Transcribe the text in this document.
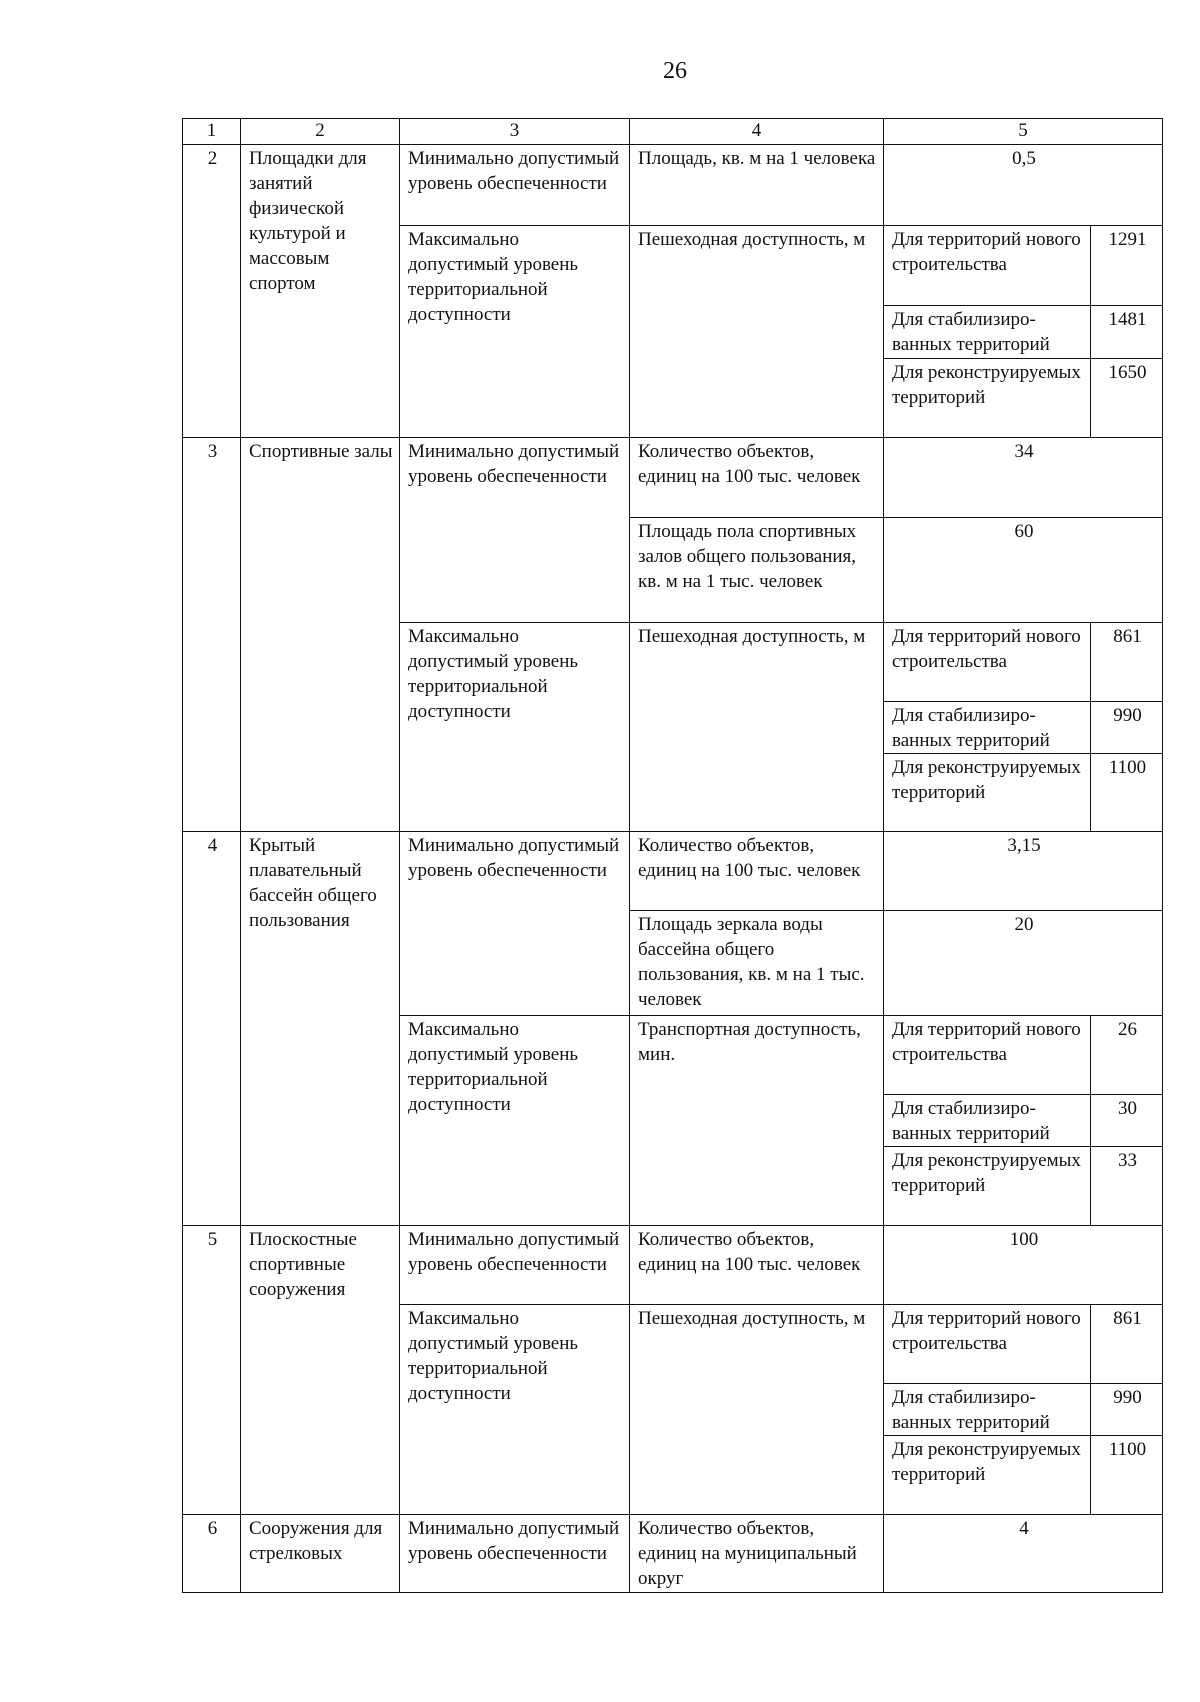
26
1	2	3	4	5	
2	Площадки для занятий физической культурой и массовым спортом	Минимально допустимый уровень обеспеченности	Площадь, кв. м на 1 человека	0,5	
		Максимально допустимый уровень территориальной доступности	Пешеходная доступность, м	Для территорий нового строительства	1291
				Для стабилизиро-ванных территорий	1481
				Для реконструируемых территорий	1650
3	Спортивные залы	Минимально допустимый уровень обеспеченности	Количество объектов, единиц на 100 тыс. человек	34	
			Площадь пола спортивных залов общего пользования, кв. м на 1 тыс. человек	60	
		Максимально допустимый уровень территориальной доступности	Пешеходная доступность, м	Для территорий нового строительства	861
				Для стабилизиро-ванных территорий	990
				Для реконструируемых территорий	1100
4	Крытый плавательный бассейн общего пользования	Минимально допустимый уровень обеспеченности	Количество объектов, единиц на 100 тыс. человек	3,15	
			Площадь зеркала воды бассейна общего пользования, кв. м на 1 тыс. человек	20	
		Максимально допустимый уровень территориальной доступности	Транспортная доступность, мин.	Для территорий нового строительства	26
				Для стабилизиро-ванных территорий	30
				Для реконструируемых территорий	33
5	Плоскостные спортивные сооружения	Минимально допустимый уровень обеспеченности	Количество объектов, единиц на 100 тыс. человек	100	
		Максимально допустимый уровень территориальной доступности	Пешеходная доступность, м	Для территорий нового строительства	861
				Для стабилизиро-ванных территорий	990
				Для реконструируемых территорий	1100
6	Сооружения для стрелковых	Минимально допустимый уровень обеспеченности	Количество объектов, единиц на муниципальный округ	4	
